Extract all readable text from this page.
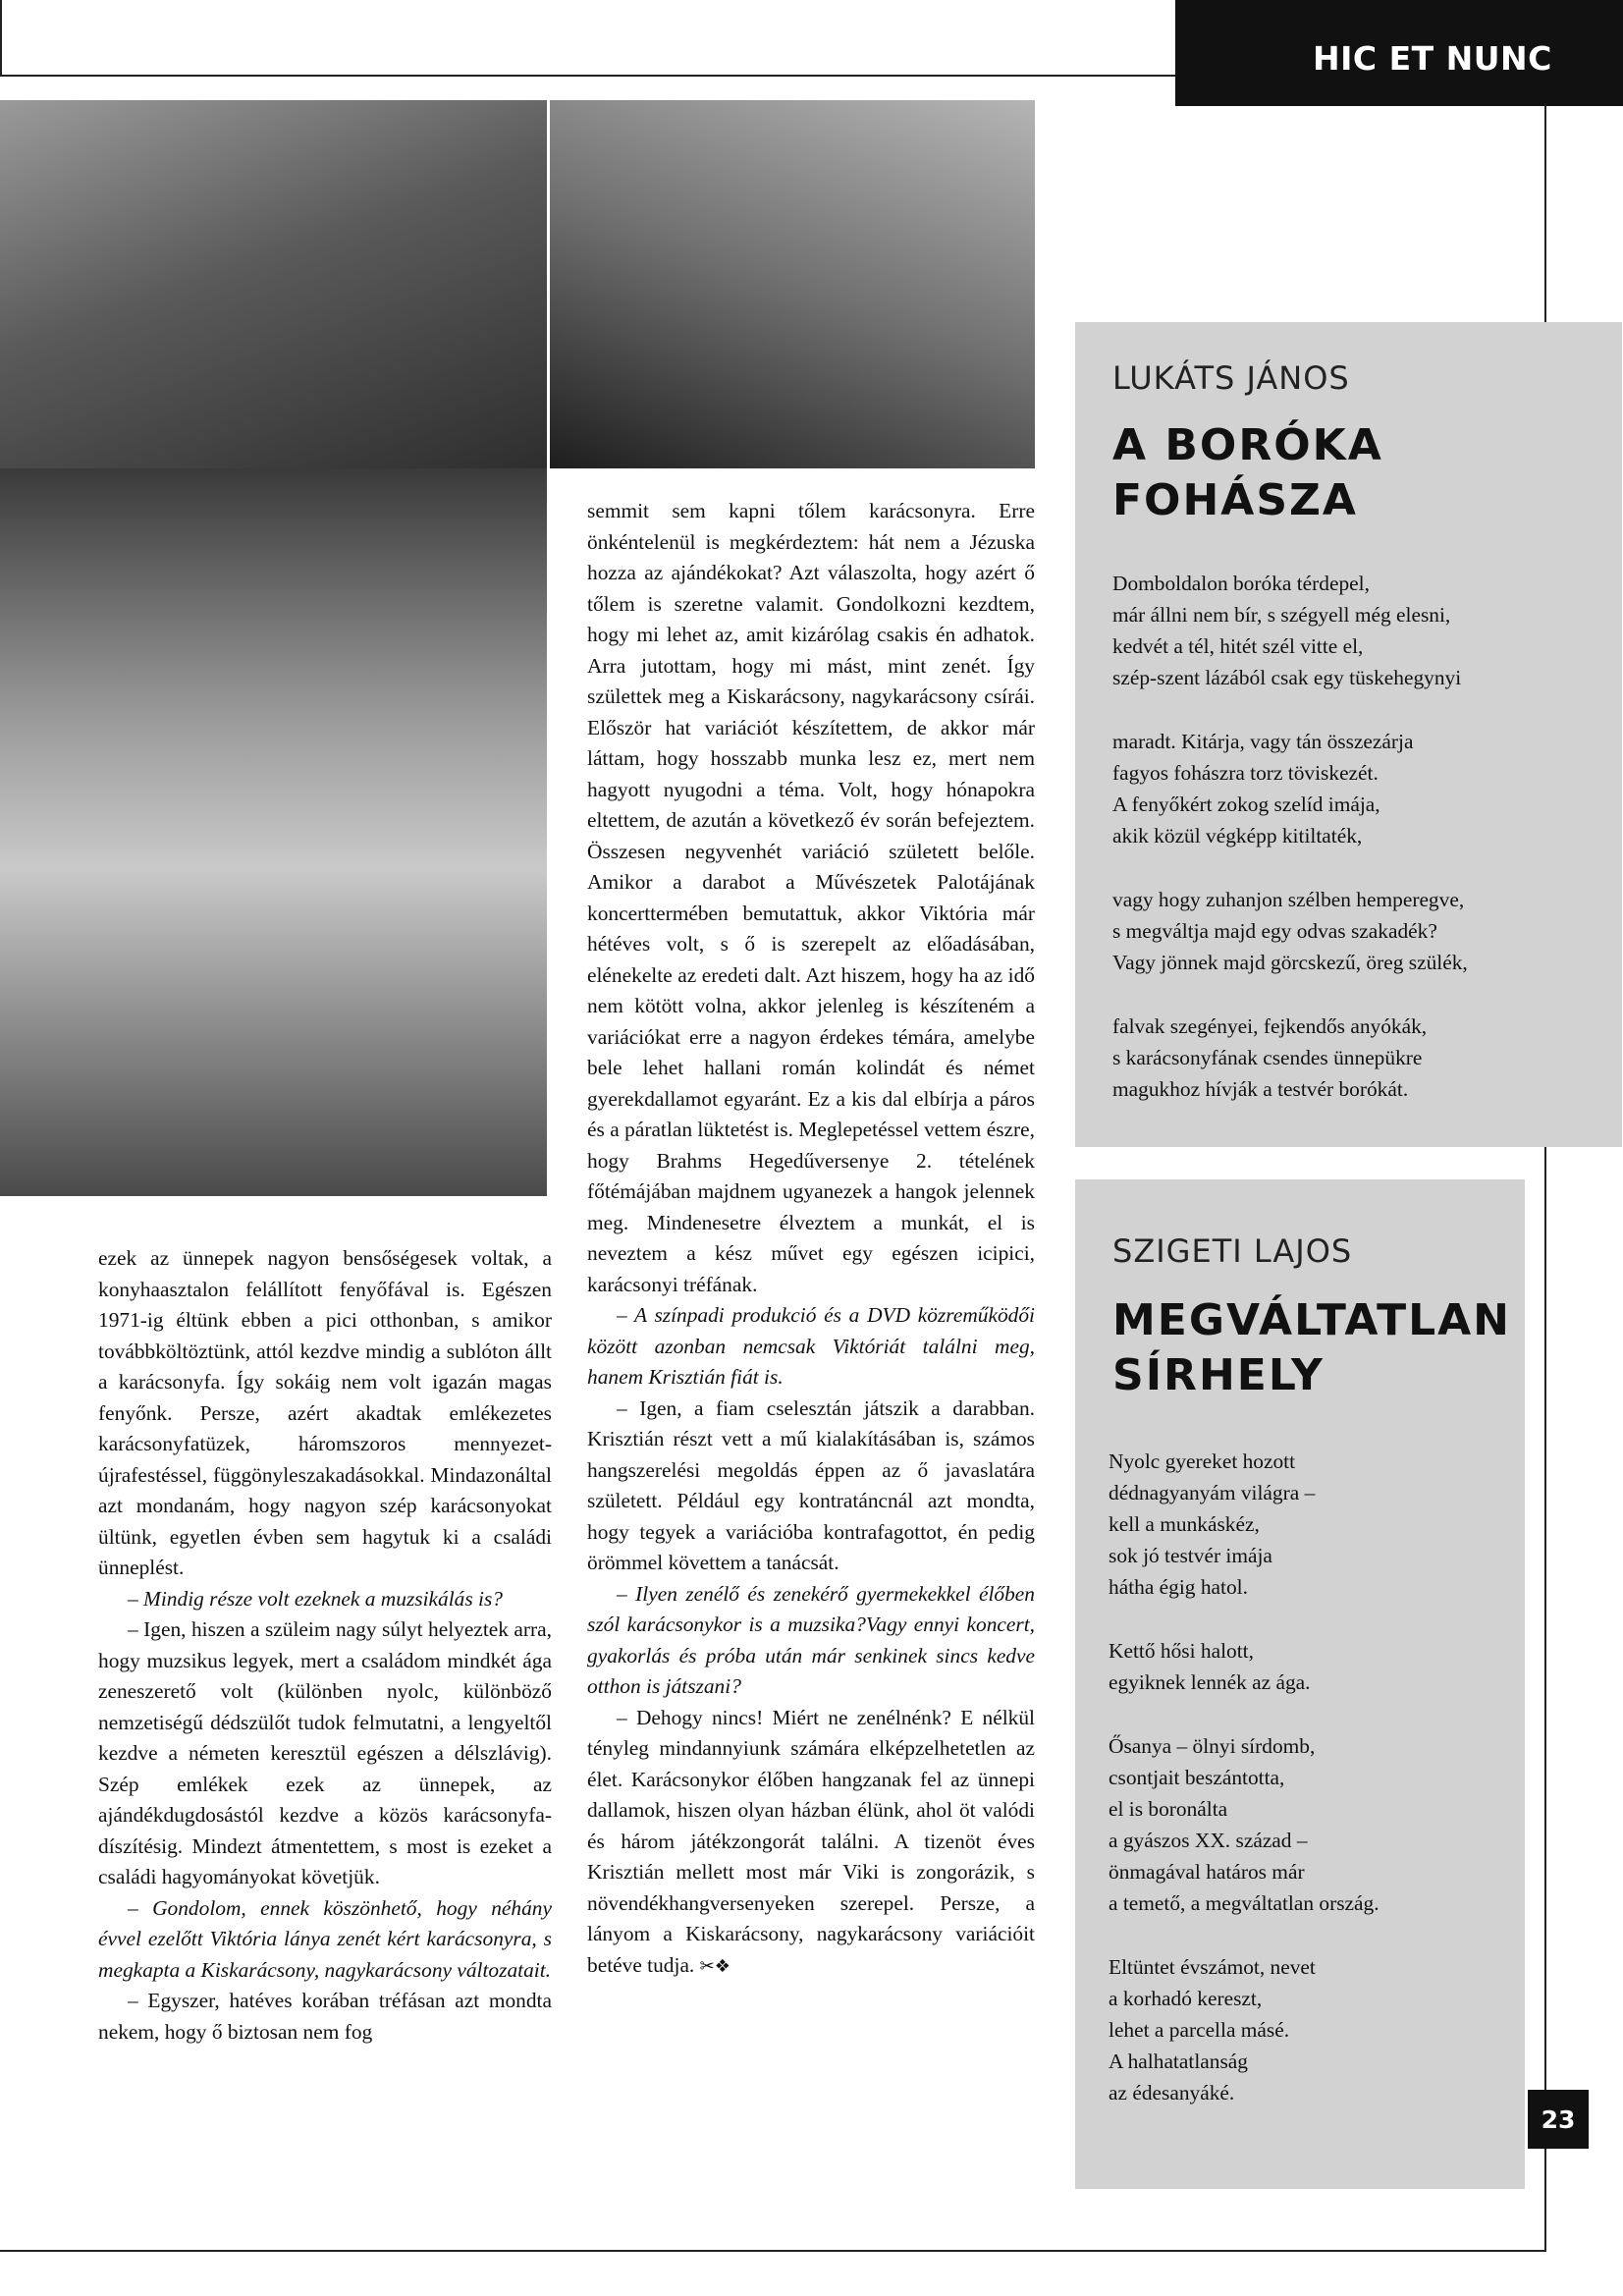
HIC ET NUNC
23

ezek az ünnepek nagyon bensőségesek voltak, a konyhaasztalon felállított fenyőfával is. Egészen 1971-ig éltünk ebben a pici otthonban, s amikor továbbköltöztünk, attól kezdve mindig a sublóton állt a karácsonyfa. Így sokáig nem volt igazán magas fenyőnk. Persze, azért akadtak emlékezetes karácsonyfatüzek, háromszoros mennyezet-újrafestéssel, függönyleszakadásokkal. Mindazonáltal azt mondanám, hogy nagyon szép karácsonyokat ültünk, egyetlen évben sem hagytuk ki a családi ünneplést.

– Mindig része volt ezeknek a muzsikálás is?

– Igen, hiszen a szüleim nagy súlyt helyeztek arra, hogy muzsikus legyek, mert a családom mindkét ága zeneszerető volt (különben nyolc, különböző nemzetiségű dédszülőt tudok felmutatni, a lengyeltől kezdve a németen keresztül egészen a délszlávig). Szép emlékek ezek az ünnepek, az ajándékdugdosástól kezdve a közös karácsonyfa-díszítésig. Mindezt átmentettem, s most is ezeket a családi hagyományokat követjük.

– Gondolom, ennek köszönhető, hogy néhány évvel ezelőtt Viktória lánya zenét kért karácsonyra, s megkapta a Kiskarácsony, nagykarácsony változatait.

– Egyszer, hatéves korában tréfásan azt mondta nekem, hogy ő biztosan nem fog

semmit sem kapni tőlem karácsonyra. Erre önkéntelenül is megkérdeztem: hát nem a Jézuska hozza az ajándékokat? Azt válaszolta, hogy azért ő tőlem is szeretne valamit. Gondolkozni kezdtem, hogy mi lehet az, amit kizárólag csakis én adhatok. Arra jutottam, hogy mi mást, mint zenét. Így születtek meg a Kiskarácsony, nagykarácsony csírái. Először hat variációt készítettem, de akkor már láttam, hogy hosszabb munka lesz ez, mert nem hagyott nyugodni a téma. Volt, hogy hónapokra eltettem, de azután a következő év során befejeztem. Összesen negyvenhét variáció született belőle. Amikor a darabot a Művészetek Palotájának koncerttermében bemutattuk, akkor Viktória már hétéves volt, s ő is szerepelt az előadásában, elénekelte az eredeti dalt. Azt hiszem, hogy ha az idő nem kötött volna, akkor jelenleg is készíteném a variációkat erre a nagyon érdekes témára, amelybe bele lehet hallani román kolindát és német gyerekdallamot egyaránt. Ez a kis dal elbírja a páros és a páratlan lüktetést is. Meglepetéssel vettem észre, hogy Brahms Hegedűversenye 2. tételének főtémájában majdnem ugyanezek a hangok jelennek meg. Mindenesetre élveztem a munkát, el is neveztem a kész művet egy egészen icipici, karácsonyi tréfának.

– A színpadi produkció és a DVD közreműködői között azonban nemcsak Viktóriát találni meg, hanem Krisztián fiát is.

– Igen, a fiam cselesztán játszik a darabban. Krisztián részt vett a mű kialakításában is, számos hangszerelési megoldás éppen az ő javaslatára született. Például egy kontratáncnál azt mondta, hogy tegyek a variációba kontrafagottot, én pedig örömmel követtem a tanácsát.

– Ilyen zenélő és zenekérő gyermekekkel élőben szól karácsonykor is a muzsika?Vagy ennyi koncert, gyakorlás és próba után már senkinek sincs kedve otthon is játszani?

– Dehogy nincs! Miért ne zenélnénk? E nélkül tényleg mindannyiunk számára elképzelhetetlen az élet. Karácsonykor élőben hangzanak fel az ünnepi dallamok, hiszen olyan házban élünk, ahol öt valódi és három játékzongorát találni. A tizenöt éves Krisztián mellett most már Viki is zongorázik, s növendékhangversenyeken szerepel. Persze, a lányom a Kiskarácsony, nagykarácsony variációit betéve tudja. ✂❖

LUKÁTS JÁNOS
A BORÓKA
FOHÁSZA
Domboldalon boróka térdepel,
már állni nem bír, s szégyell még elesni,
kedvét a tél, hitét szél vitte el,
szép-szent lázából csak egy tüskehegynyi
maradt. Kitárja, vagy tán összezárja
fagyos fohászra torz töviskezét.
A fenyőkért zokog szelíd imája,
akik közül végképp kitiltaték,
vagy hogy zuhanjon szélben hemperegve,
s megváltja majd egy odvas szakadék?
Vagy jönnek majd görcskezű, öreg szülék,
falvak szegényei, fejkendős anyókák,
s karácsonyfának csendes ünnepükre
magukhoz hívják a testvér borókát.
SZIGETI LAJOS
MEGVÁLTATLAN
SÍRHELY
Nyolc gyereket hozott
dédnagyanyám világra –
kell a munkáskéz,
sok jó testvér imája
hátha égig hatol.
Kettő hősi halott,
egyiknek lennék az ága.
Ősanya – ölnyi sírdomb,
csontjait beszántotta,
el is boronálta
a gyászos XX. század –
önmagával határos már
a temető, a megváltatlan ország.
Eltüntet évszámot, nevet
a korhadó kereszt,
lehet a parcella másé.
A halhatatlanság
az édesanyáké.
